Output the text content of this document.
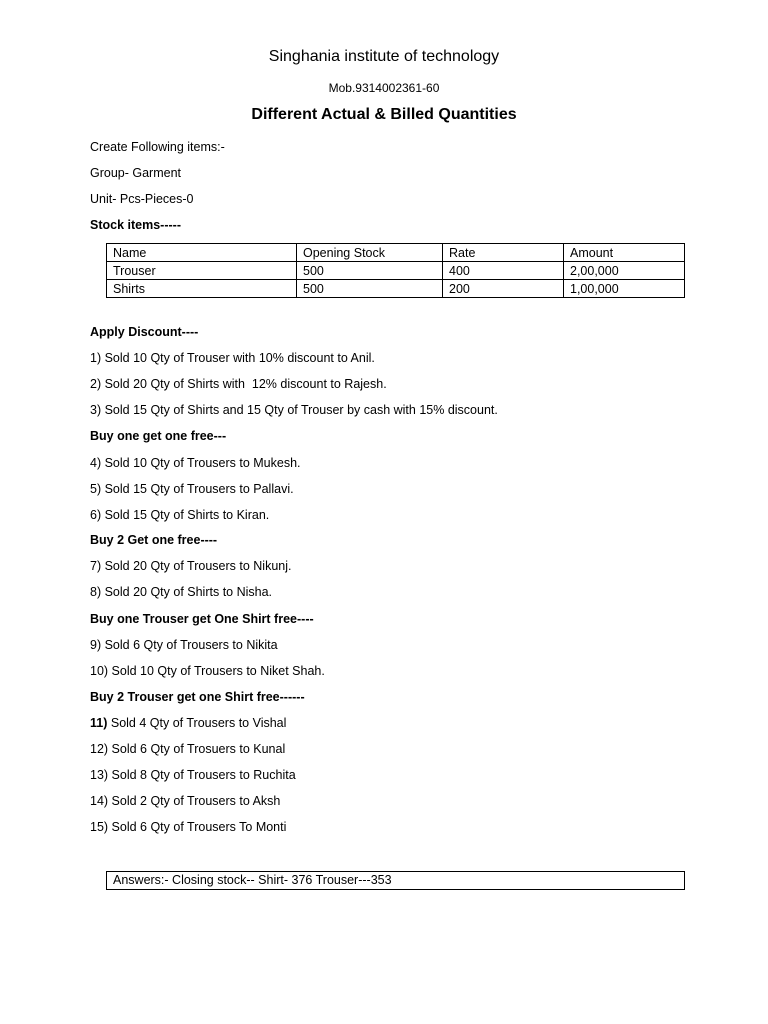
Singhania institute of technology
Mob.9314002361-60
Different Actual & Billed Quantities
Create Following items:-
Group- Garment
Unit- Pcs-Pieces-0
Stock items-----
Name	Opening Stock	Rate	Amount
Trouser	500	400	2,00,000
Shirts	500	200	1,00,000
Apply Discount----
1) Sold 10 Qty of Trouser with 10% discount to Anil.
2) Sold 20 Qty of Shirts with  12% discount to Rajesh.
3) Sold 15 Qty of Shirts and 15 Qty of Trouser by cash with 15% discount.
Buy one get one free---
4) Sold 10 Qty of Trousers to Mukesh.
5) Sold 15 Qty of Trousers to Pallavi.
6) Sold 15 Qty of Shirts to Kiran.
Buy 2 Get one free----
7) Sold 20 Qty of Trousers to Nikunj.
8) Sold 20 Qty of Shirts to Nisha.
Buy one Trouser get One Shirt free----
9) Sold 6 Qty of Trousers to Nikita
10) Sold 10 Qty of Trousers to Niket Shah.
Buy 2 Trouser get one Shirt free------
11) Sold 4 Qty of Trousers to Vishal
12) Sold 6 Qty of Trosuers to Kunal
13) Sold 8 Qty of Trousers to Ruchita
14) Sold 2 Qty of Trousers to Aksh
15) Sold 6 Qty of Trousers To Monti
Answers:- Closing stock-- Shirt- 376 Trouser---353
